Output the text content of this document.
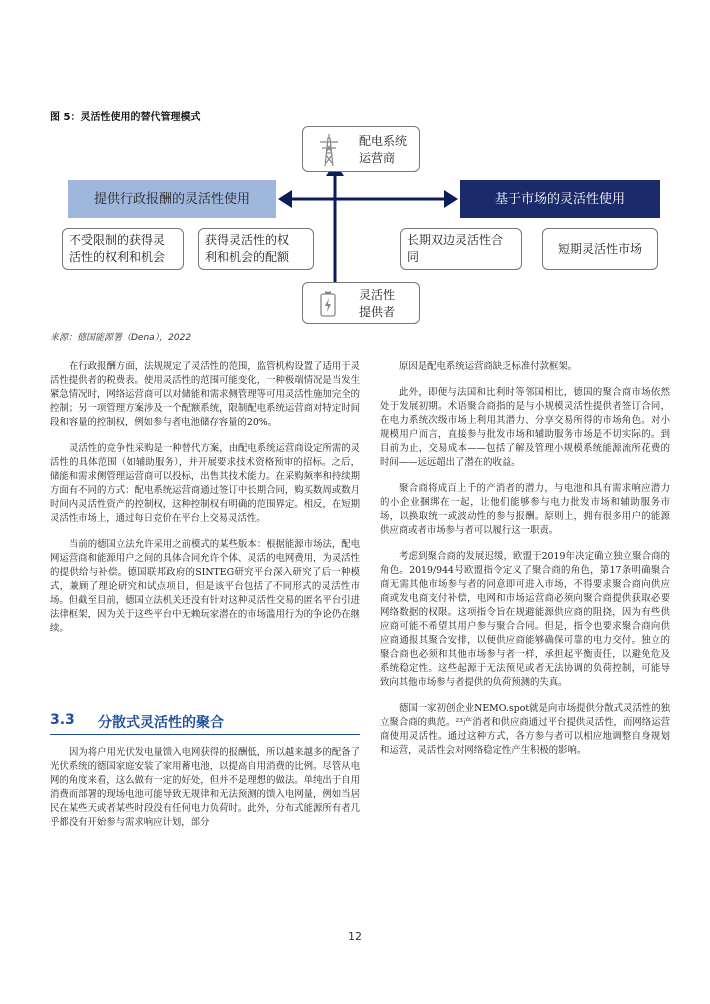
图 5：灵活性使用的替代管理模式
配电系统
运营商
提供行政报酬的灵活性使用	基于市场的灵活性使用
不受限制的获得灵
活性的权利和机会
获得灵活性的权
利和机会的配额
长期双边灵活性合
同
短期灵活性市场
灵活性
提供者
来源：德国能源署（Dena），2022

在行政报酬方面，法规规定了灵活性的范围，监管机构设置了适用于灵活性提供者的税费表。使用灵活性的范围可能变化，一种极端情况是当发生紧急情况时，网络运营商可以对储能和需求侧管理等可用灵活性施加完全的控制；另一项管理方案涉及一个配额系统，限制配电系统运营商对特定时间段和容量的控制权，例如参与者电池储存容量的20%。

灵活性的竞争性采购是一种替代方案，由配电系统运营商设定所需的灵活性的具体范围（如辅助服务），并开展要求技术资格预审的招标。之后，储能和需求侧管理运营商可以投标，出售其技术能力。在采购频率和持续期方面有不同的方式：配电系统运营商通过签订中长期合同，购买数周或数月时间内灵活性资产的控制权，这种控制权有明确的范围界定。相反，在短期灵活性市场上，通过每日竞价在平台上交易灵活性。

当前的德国立法允许采用之前模式的某些版本：根据能源市场法，配电网运营商和能源用户之间的具体合同允许个体、灵活的电网费用，为灵活性的提供给与补偿。德国联邦政府的SINTEG研究平台深入研究了后一种模式，兼顾了理论研究和试点项目，但是该平台包括了不同形式的灵活性市场。但截至目前，德国立法机关还没有针对这种灵活性交易的匿名平台引进法律框架，因为关于这些平台中无赖玩家潜在的市场滥用行为的争论仍在继续。

3.3 分散式灵活性的聚合

因为将户用光伏发电量馈入电网获得的报酬低，所以越来越多的配备了光伏系统的德国家庭安装了家用蓄电池，以提高自用消费的比例。尽管从电网的角度来看，这么做有一定的好处，但并不是理想的做法。单纯出于自用消费而部署的现场电池可能导致无规律和无法预测的馈入电网量，例如当居民在某些天或者某些时段没有任何电力负荷时。此外，分布式能源所有者几乎都没有开始参与需求响应计划，部分

原因是配电系统运营商缺乏标准付款框架。

此外，即便与法国和比利时等邻国相比，德国的聚合商市场依然处于发展初期。术语聚合商指的是与小规模灵活性提供者签订合同，在电力系统次级市场上利用其潜力、分享交易所得的市场角色。对小规模用户而言，直接参与批发市场和辅助服务市场是不切实际的。到目前为止，交易成本——包括了解及管理小规模系统能源流所花费的时间——远远超出了潜在的收益。

聚合商将成百上千的产消者的潜力，与电池和具有需求响应潜力的小企业捆绑在一起，让他们能够参与电力批发市场和辅助服务市场，以换取统一或波动性的参与报酬。原则上，拥有很多用户的能源供应商或者市场参与者可以履行这一职责。

考虑到聚合商的发展迟缓，欧盟于2019年决定确立独立聚合商的角色。2019/944号欧盟指令定义了聚合商的角色，第17条明确聚合商无需其他市场参与者的同意即可进入市场，不得要求聚合商向供应商或发电商支付补偿，电网和市场运营商必须向聚合商提供获取必要网络数据的权限。这项指令旨在规避能源供应商的阻挠，因为有些供应商可能不希望其用户参与聚合合同。但是，指令也要求聚合商向供应商通报其聚合安排，以便供应商能够确保可靠的电力交付。独立的聚合商也必须和其他市场参与者一样，承担起平衡责任，以避免危及系统稳定性。这些起源于无法预见或者无法协调的负荷控制，可能导致向其他市场参与者提供的负荷预测的失真。

德国一家初创企业NEMO.spot就是向市场提供分散式灵活性的独立聚合商的典范。²³产消者和供应商通过平台提供灵活性，而网络运营商使用灵活性。通过这种方式，各方参与者可以相应地调整自身规划和运营，灵活性会对网络稳定性产生积极的影响。

12
